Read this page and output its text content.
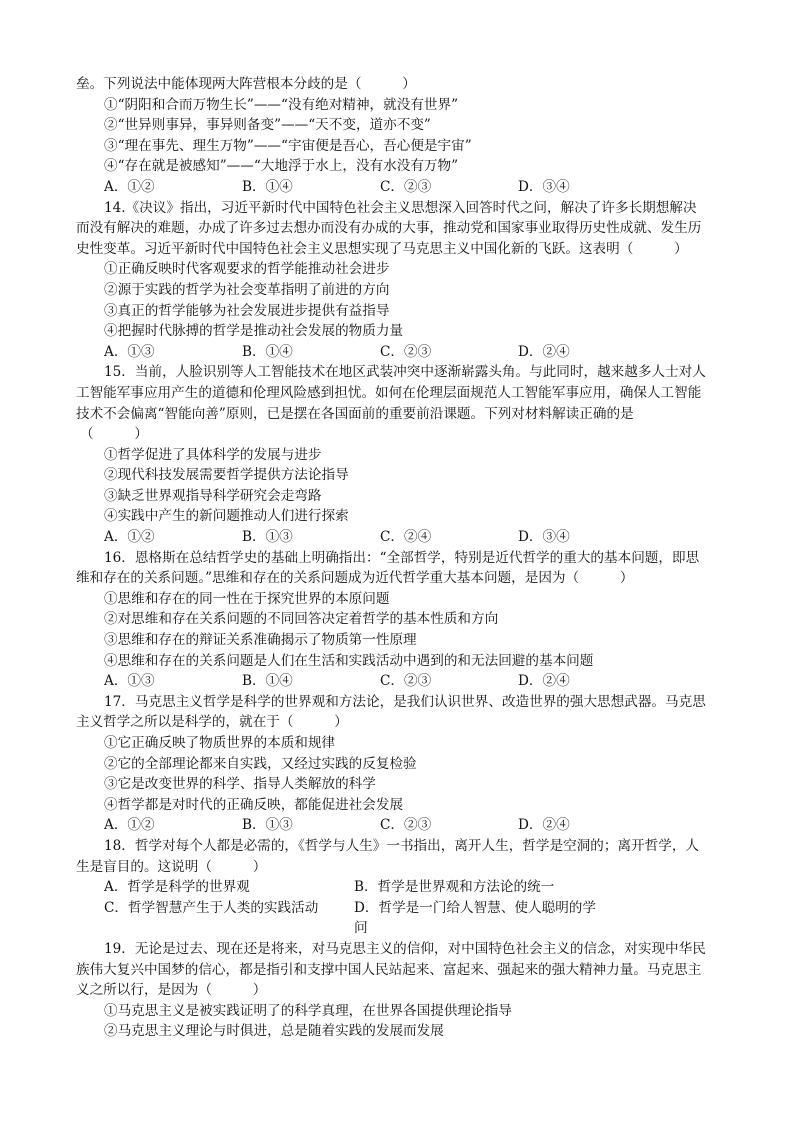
垒。下列说法中能体现两大阵营根本分歧的是（　　　）
①“阴阳和合而万物生长”——“没有绝对精神，就没有世界”
②“世异则事异，事异则备变”——“天不变，道亦不变”
③“理在事先、理生万物”——“宇宙便是吾心，吾心便是宇宙”
④“存在就是被感知”——“大地浮于水上，没有水没有万物”
A．①②	B．①④	C．②③	D．③④
14.《决议》指出，习近平新时代中国特色社会主义思想深入回答时代之问，解决了许多长期想解决
而没有解决的难题，办成了许多过去想办而没有办成的大事，推动党和国家事业取得历史性成就、发生历
史性变革。习近平新时代中国特色社会主义思想实现了马克思主义中国化新的飞跃。这表明（　　　）
①正确反映时代客观要求的哲学能推动社会进步
②源于实践的哲学为社会变革指明了前进的方向
③真正的哲学能够为社会发展进步提供有益指导
④把握时代脉搏的哲学是推动社会发展的物质力量
A．①③	B．①④	C．②③	D．②④
15．当前，人脸识别等人工智能技术在地区武装冲突中逐渐崭露头角。与此同时，越来越多人士对人
工智能军事应用产生的道德和伦理风险感到担忧。如何在伦理层面规范人工智能军事应用，确保人工智能
技术不会偏离“智能向善”原则，已是摆在各国面前的重要前沿课题。下列对材料解读正确的是
（　　　）
①哲学促进了具体科学的发展与进步
②现代科技发展需要哲学提供方法论指导
③缺乏世界观指导科学研究会走弯路
④实践中产生的新问题推动人们进行探索
A．①②	B．①③	C．②④	D．③④
16．恩格斯在总结哲学史的基础上明确指出：“全部哲学，特别是近代哲学的重大的基本问题，即思
维和存在的关系问题。”思维和存在的关系问题成为近代哲学重大基本问题，是因为（　　　）
①思维和存在的同一性在于探究世界的本原问题
②对思维和存在关系问题的不同回答决定着哲学的基本性质和方向
③思维和存在的辩证关系准确揭示了物质第一性原理
④思维和存在的关系问题是人们在生活和实践活动中遇到的和无法回避的基本问题
A．①③	B．①④	C．②③	D．②④
17．马克思主义哲学是科学的世界观和方法论，是我们认识世界、改造世界的强大思想武器。马克思
主义哲学之所以是科学的，就在于（　　　）
①它正确反映了物质世界的本质和规律
②它的全部理论都来自实践，又经过实践的反复检验
③它是改变世界的科学、指导人类解放的科学
④哲学都是对时代的正确反映，都能促进社会发展
A．①②	B．①③	C．②③	D．②④
18．哲学对每个人都是必需的，《哲学与人生》一书指出，离开人生，哲学是空洞的；离开哲学，人
生是盲目的。这说明（　　　）
A．哲学是科学的世界观	B．哲学是世界观和方法论的统一
C．哲学智慧产生于人类的实践活动	D．哲学是一门给人智慧、使人聪明的学问
19．无论是过去、现在还是将来，对马克思主义的信仰，对中国特色社会主义的信念，对实现中华民
族伟大复兴中国梦的信心，都是指引和支撑中国人民站起来、富起来、强起来的强大精神力量。马克思主
义之所以行，是因为（　　　）
①马克思主义是被实践证明了的科学真理，在世界各国提供理论指导
②马克思主义理论与时俱进，总是随着实践的发展而发展
